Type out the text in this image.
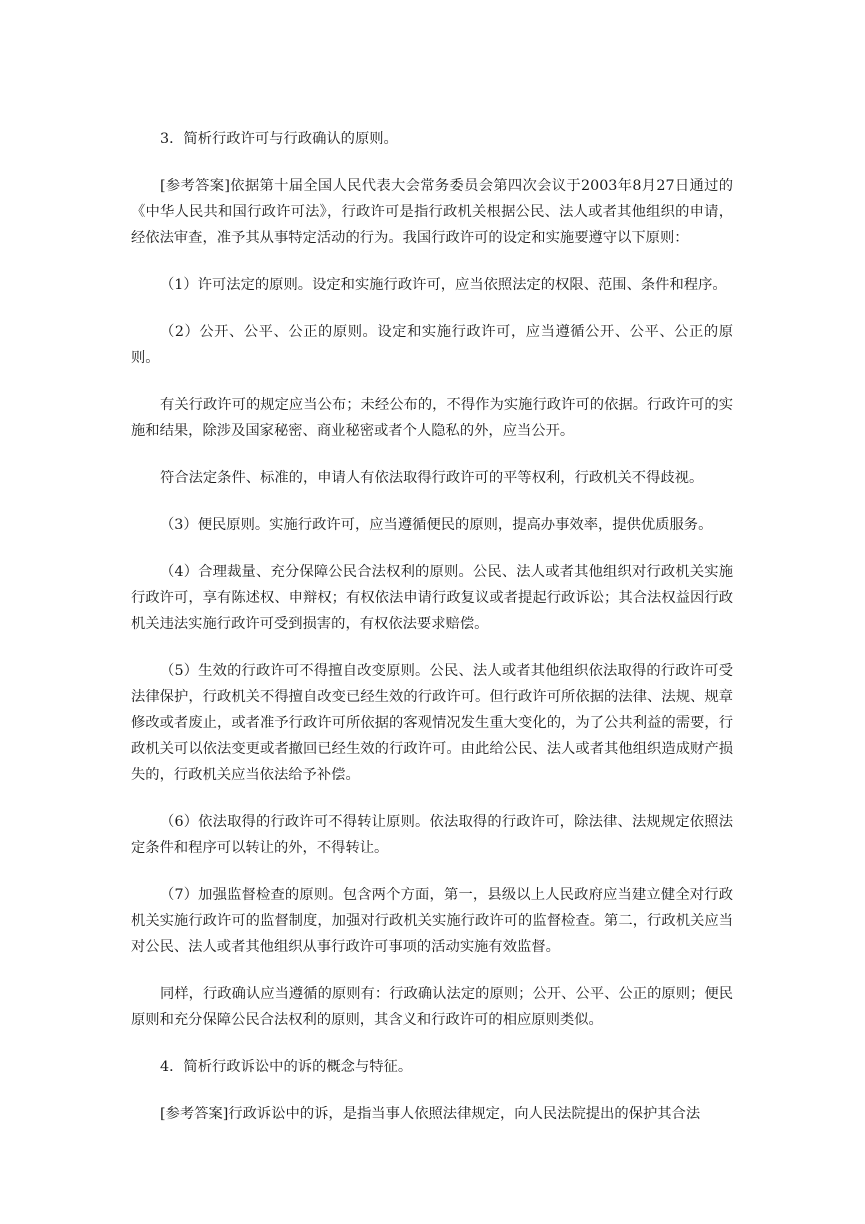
3．简析行政许可与行政确认的原则。

[参考答案]依据第十届全国人民代表大会常务委员会第四次会议于2003年8月27日通过的《中华人民共和国行政许可法》，行政许可是指行政机关根据公民、法人或者其他组织的申请，经依法审查，准予其从事特定活动的行为。我国行政许可的设定和实施要遵守以下原则：

（1）许可法定的原则。设定和实施行政许可，应当依照法定的权限、范围、条件和程序。

（2）公开、公平、公正的原则。设定和实施行政许可，应当遵循公开、公平、公正的原则。

有关行政许可的规定应当公布；未经公布的，不得作为实施行政许可的依据。行政许可的实施和结果，除涉及国家秘密、商业秘密或者个人隐私的外，应当公开。

符合法定条件、标准的，申请人有依法取得行政许可的平等权利，行政机关不得歧视。

（3）便民原则。实施行政许可，应当遵循便民的原则，提高办事效率，提供优质服务。

（4）合理裁量、充分保障公民合法权利的原则。公民、法人或者其他组织对行政机关实施行政许可，享有陈述权、申辩权；有权依法申请行政复议或者提起行政诉讼；其合法权益因行政机关违法实施行政许可受到损害的，有权依法要求赔偿。

（5）生效的行政许可不得擅自改变原则。公民、法人或者其他组织依法取得的行政许可受法律保护，行政机关不得擅自改变已经生效的行政许可。但行政许可所依据的法律、法规、规章修改或者废止，或者准予行政许可所依据的客观情况发生重大变化的，为了公共利益的需要，行政机关可以依法变更或者撤回已经生效的行政许可。由此给公民、法人或者其他组织造成财产损失的，行政机关应当依法给予补偿。

（6）依法取得的行政许可不得转让原则。依法取得的行政许可，除法律、法规规定依照法定条件和程序可以转让的外，不得转让。

（7）加强监督检查的原则。包含两个方面，第一，县级以上人民政府应当建立健全对行政机关实施行政许可的监督制度，加强对行政机关实施行政许可的监督检查。第二，行政机关应当对公民、法人或者其他组织从事行政许可事项的活动实施有效监督。

同样，行政确认应当遵循的原则有：行政确认法定的原则；公开、公平、公正的原则；便民原则和充分保障公民合法权利的原则，其含义和行政许可的相应原则类似。

4．简析行政诉讼中的诉的概念与特征。

[参考答案]行政诉讼中的诉，是指当事人依照法律规定，向人民法院提出的保护其合法
